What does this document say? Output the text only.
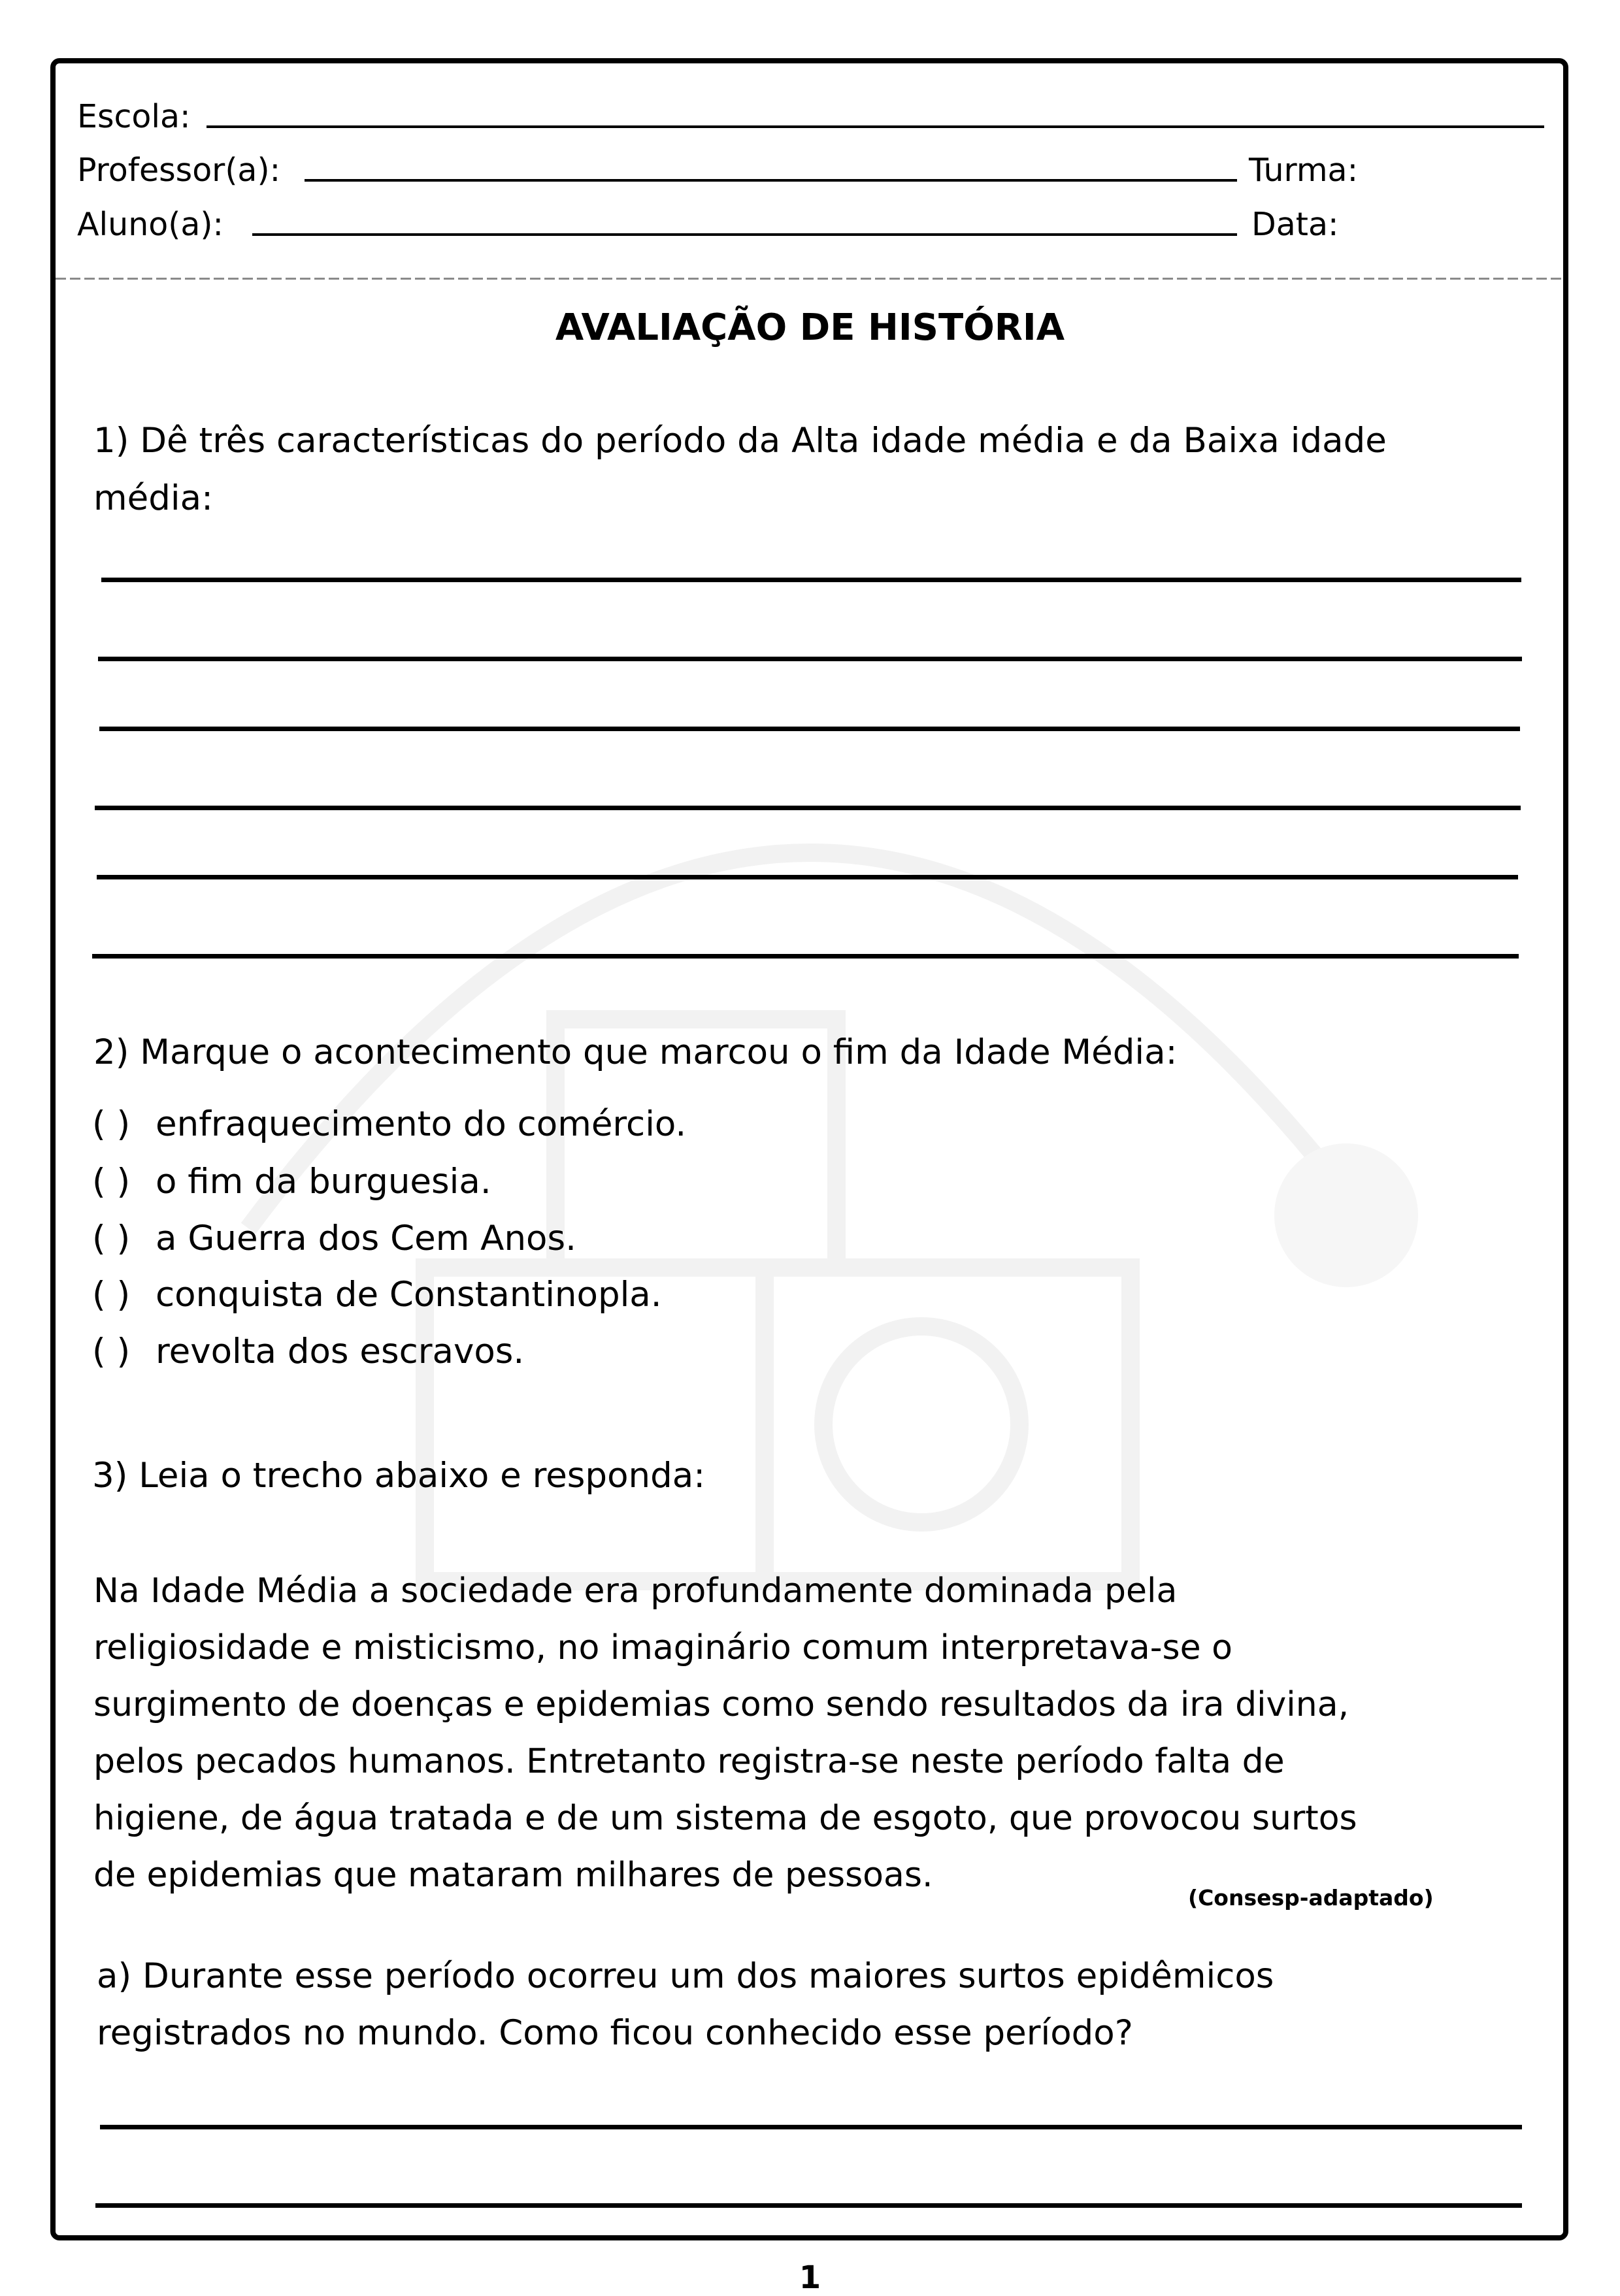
Escola:
Professor(a):	Turma:
Aluno(a):	Data:
AVALIAÇÃO DE HISTÓRIA
1) Dê três características do período da Alta idade média e da Baixa idade
média:
2) Marque o acontecimento que marcou o fim da Idade Média:
( ) enfraquecimento do comércio.
( ) o fim da burguesia.
( ) a Guerra dos Cem Anos.
( ) conquista de Constantinopla.
( ) revolta dos escravos.
3) Leia o trecho abaixo e responda:
Na Idade Média a sociedade era profundamente dominada pela
religiosidade e misticismo, no imaginário comum interpretava-se o
surgimento de doenças e epidemias como sendo resultados da ira divina,
pelos pecados humanos. Entretanto registra-se neste período falta de
higiene, de água tratada e de um sistema de esgoto, que provocou surtos
de epidemias que mataram milhares de pessoas.
(Consesp-adaptado)
a) Durante esse período ocorreu um dos maiores surtos epidêmicos
registrados no mundo. Como ficou conhecido esse período?
1
